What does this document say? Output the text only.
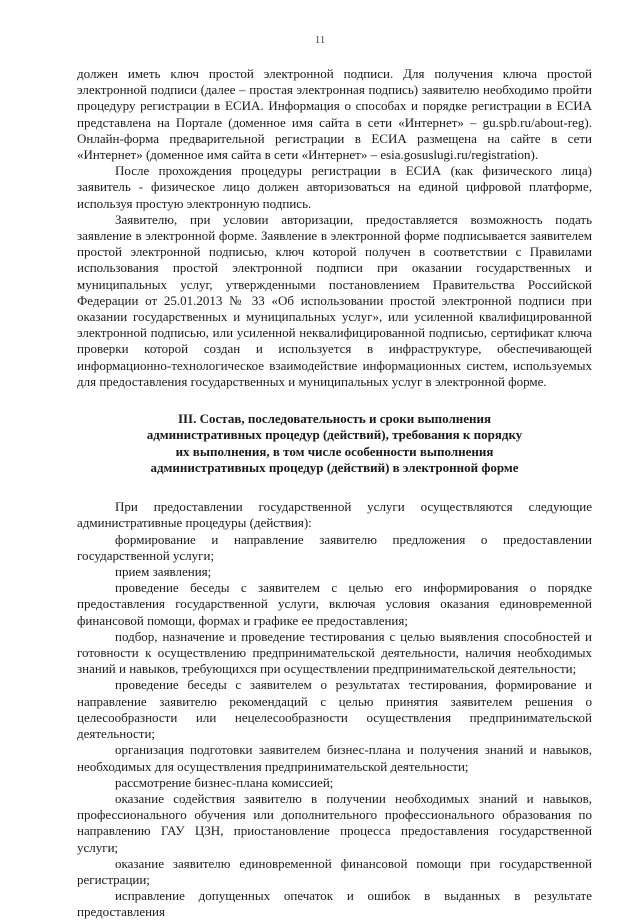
11

должен иметь ключ простой электронной подписи. Для получения ключа простой электронной подписи (далее – простая электронная подпись) заявителю необходимо пройти процедуру регистрации в ЕСИА. Информация о способах и порядке регистрации в ЕСИА представлена на Портале (доменное имя сайта в сети «Интернет» – gu.spb.ru/about-reg). Онлайн-форма предварительной регистрации в ЕСИА размещена на сайте в сети «Интернет» (доменное имя сайта в сети «Интернет» – esia.gosuslugi.ru/registration).

После прохождения процедуры регистрации в ЕСИА (как физического лица) заявитель - физическое лицо должен авторизоваться на единой цифровой платформе, используя простую электронную подпись.

Заявителю, при условии авторизации, предоставляется возможность подать заявление в электронной форме. Заявление в электронной форме подписывается заявителем простой электронной подписью, ключ которой получен в соответствии с Правилами использования простой электронной подписи при оказании государственных и муниципальных услуг, утвержденными постановлением Правительства Российской Федерации от 25.01.2013 № 33 «Об использовании простой электронной подписи при оказании государственных и муниципальных услуг», или усиленной квалифицированной электронной подписью, или усиленной неквалифицированной подписью, сертификат ключа проверки которой создан и используется в инфраструктуре, обеспечивающей информационно-технологическое взаимодействие информационных систем, используемых для предоставления государственных и муниципальных услуг в электронной форме.

III. Состав, последовательность и сроки выполнения
административных процедур (действий), требования к порядку
их выполнения, в том числе особенности выполнения
административных процедур (действий) в электронной форме

При предоставлении государственной услуги осуществляются следующие административные процедуры (действия):

формирование и направление заявителю предложения о предоставлении государственной услуги;

прием заявления;

проведение беседы с заявителем с целью его информирования о порядке предоставления государственной услуги, включая условия оказания единовременной финансовой помощи, формах и графике ее предоставления;

подбор, назначение и проведение тестирования с целью выявления способностей и готовности к осуществлению предпринимательской деятельности, наличия необходимых знаний и навыков, требующихся при осуществлении предпринимательской деятельности;

проведение беседы с заявителем о результатах тестирования, формирование и направление заявителю рекомендаций с целью принятия заявителем решения о целесообразности или нецелесообразности осуществления предпринимательской деятельности;

организация подготовки заявителем бизнес-плана и получения знаний и навыков, необходимых для осуществления предпринимательской деятельности;

рассмотрение бизнес-плана комиссией;

оказание содействия заявителю в получении необходимых знаний и навыков, профессионального обучения или дополнительного профессионального образования по направлению ГАУ ЦЗН, приостановление процесса предоставления государственной услуги;

оказание заявителю единовременной финансовой помощи при государственной регистрации;

исправление допущенных опечаток и ошибок в выданных в результате предоставления
